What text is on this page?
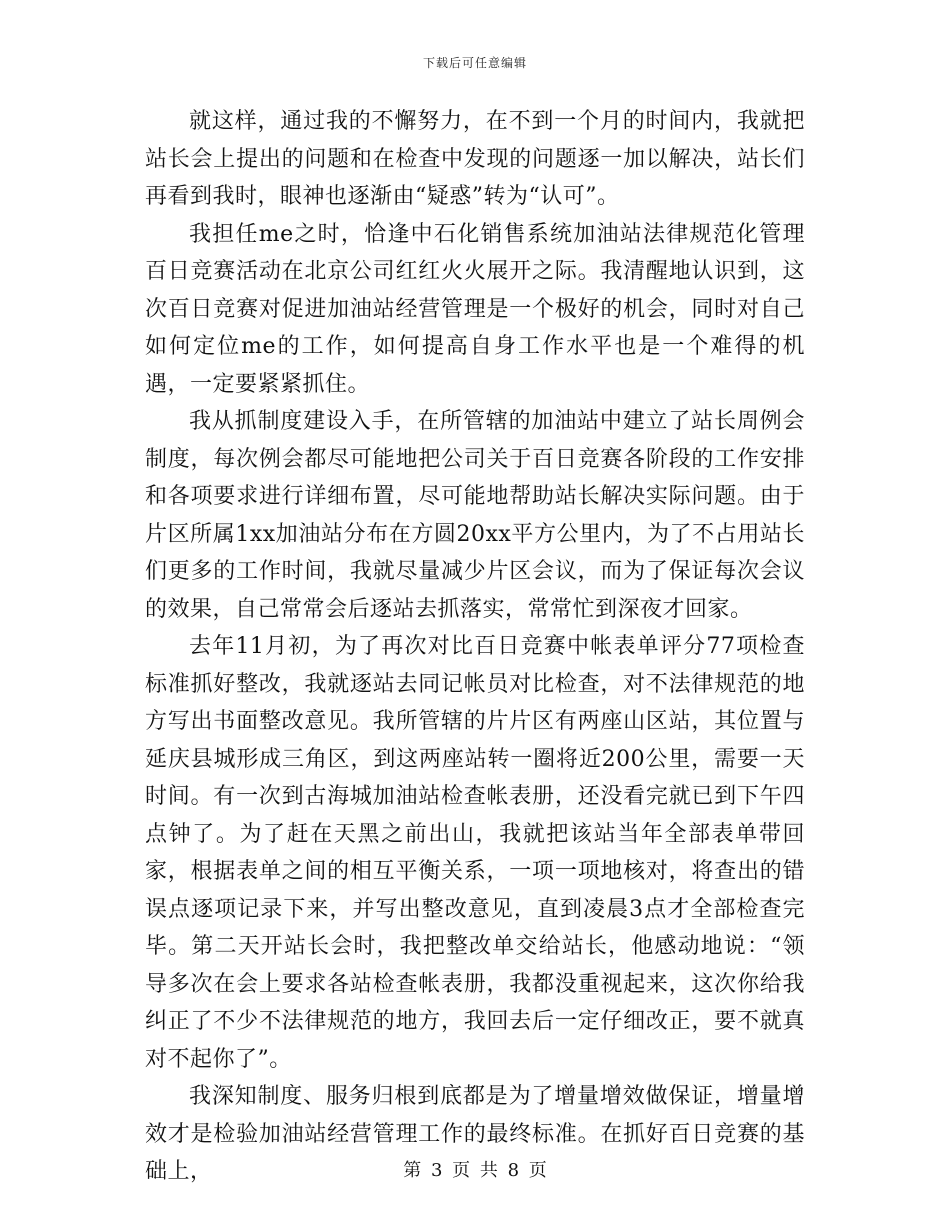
下载后可任意编辑

就这样，通过我的不懈努力，在不到一个月的时间内，我就把站长会上提出的问题和在检查中发现的问题逐一加以解决，站长们再看到我时，眼神也逐渐由“疑惑”转为“认可”。

我担任me之时，恰逢中石化销售系统加油站法律规范化管理百日竞赛活动在北京公司红红火火展开之际。我清醒地认识到，这次百日竞赛对促进加油站经营管理是一个极好的机会，同时对自己如何定位me的工作，如何提高自身工作水平也是一个难得的机遇，一定要紧紧抓住。

我从抓制度建设入手，在所管辖的加油站中建立了站长周例会制度，每次例会都尽可能地把公司关于百日竞赛各阶段的工作安排和各项要求进行详细布置，尽可能地帮助站长解决实际问题。由于片区所属1xx加油站分布在方圆20xx平方公里内，为了不占用站长们更多的工作时间，我就尽量减少片区会议，而为了保证每次会议的效果，自己常常会后逐站去抓落实，常常忙到深夜才回家。

去年11月初，为了再次对比百日竞赛中帐表单评分77项检查标准抓好整改，我就逐站去同记帐员对比检查，对不法律规范的地方写出书面整改意见。我所管辖的片片区有两座山区站，其位置与延庆县城形成三角区，到这两座站转一圈将近200公里，需要一天时间。有一次到古海城加油站检查帐表册，还没看完就已到下午四点钟了。为了赶在天黑之前出山，我就把该站当年全部表单带回家，根据表单之间的相互平衡关系，一项一项地核对，将查出的错误点逐项记录下来，并写出整改意见，直到凌晨3点才全部检查完毕。第二天开站长会时，我把整改单交给站长，他感动地说：“领导多次在会上要求各站检查帐表册，我都没重视起来，这次你给我纠正了不少不法律规范的地方，我回去后一定仔细改正，要不就真对不起你了”。

我深知制度、服务归根到底都是为了增量增效做保证，增量增效才是检验加油站经营管理工作的最终标准。在抓好百日竞赛的基础上，	第 3 页 共 8 页
